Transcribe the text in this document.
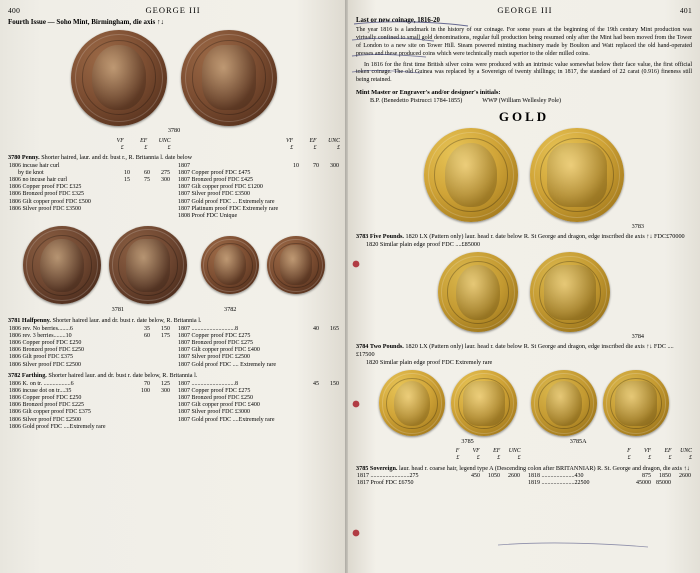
400	GEORGE III
Fourth Issue — Soho Mint, Birmingham, die axis ↑↓
3780
VF	EF UNC	VF	EF UNC
£	£	£	£	£	£
3780 Penny. Shorter haired, laur. and dr. bust r., R. Britannia l. date below
1806 incuse hair curl			
by tie knot	10	60	275
1806 no incuse hair curl	15	75	300
1806 Copper proof FDC £325			
1806 Bronzed proof FDC £325			
1806 Gilt copper proof FDC £500			
1806 Silver proof FDC £3500			
1807	10	70	300
1807 Copper proof FDC £475
1807 Bronzed proof FDC £425
1807 Gilt copper proof FDC £1200
1807 Silver proof FDC £3500
1807 Gold proof FDC ... Extremely rare
1807 Platinum proof FDC Extremely rare
1808 Proof FDC Unique
3781	3782
3781 Halfpenny. Shorter haired laur. and dr. bust r. date below, R. Britannia l.
1806 rev. No berries........6	35	150
1806 rev. 3 berries........10	60	175
1806 Copper proof FDC £250		
1806 Bronzed proof FDC £250		
1806 Gilt proof FDC £375		
1806 Silver proof FDC £2500		
1807 .............................8	40	165
1807 Copper proof FDC £275
1807 Bronzed proof FDC £275
1807 Gilt copper proof FDC £400
1807 Silver proof FDC £2500
1807 Gold proof FDC .... Extremely rare
3782 Farthing. Shorter haired laur. and dr. bust r. date below, R. Britannia l.
1806 K. on tr. ..................6	70	125
1806 incuse dot on tr....35	100	300
1806 Copper proof FDC £250		
1806 Bronzed proof FDC £225		
1806 Gilt copper proof FDC £375		
1806 Silver proof FDC £2500		
1806 Gold proof FDC ....Extremely rare		
1807 .............................8	45	150
1807 Copper proof FDC £275
1807 Bronzed proof FDC £250
1807 Gilt copper proof FDC £400
1807 Silver proof FDC £3000
1807 Gold proof FDC ....Extremely rare
GEORGE III	401
Last or new coinage, 1816-20
The year 1816 is a landmark in the history of our coinage. For some years at the beginning of the 19th century Mint production was virtually confined to small gold denominations, regular full production being resumed only after the Mint had been moved from the Tower of London to a new site on Tower Hill. Steam powered minting machinery made by Boulton and Watt replaced the old hand-operated presses and these produced coins which were technically much superior to the older milled coins.
In 1816 for the first time British silver coins were produced with an intrinsic value somewhat below their face value, the first official token coinage. The old Guinea was replaced by a Sovereign of twenty shillings; in 1817, the standard of 22 carat (0.916) fineness still being retained.
Mint Master or Engraver's and/or designer's initials:
B.P. (Benedetto Pistrucci 1784-1855)	WWP (William Wellesley Pole)
GOLD
3783
3783 Five Pounds. 1820 LX (Pattern only) laur. head r. date below R. St George and dragon, edge inscribed die axis ↑↓ FDC£70000
1820 Similar plain edge proof FDC ....£85000
3784
3784 Two Pounds. 1820 LX (Pattern only) laur. head r. date below R. St George and dragon, edge inscribed die axis ↑↓ FDC .... £17500
1820 Similar plain edge proof FDC Extremely rare
3785	3785A
F VF EF UNC	F VF EF UNC
£	£	£	£	£	£	£	£
3785 Sovereign. laur. head r. coarse hair, legend type A (Descending colon after BRITANNIAR) R. St. George and dragon, die axis ↑↓
1817 ..........................275	450	1050	2600
1817 Proof FDC £6750
1818 ......................430	875	1850	2600
1819 ......................22500	45000	85000	
